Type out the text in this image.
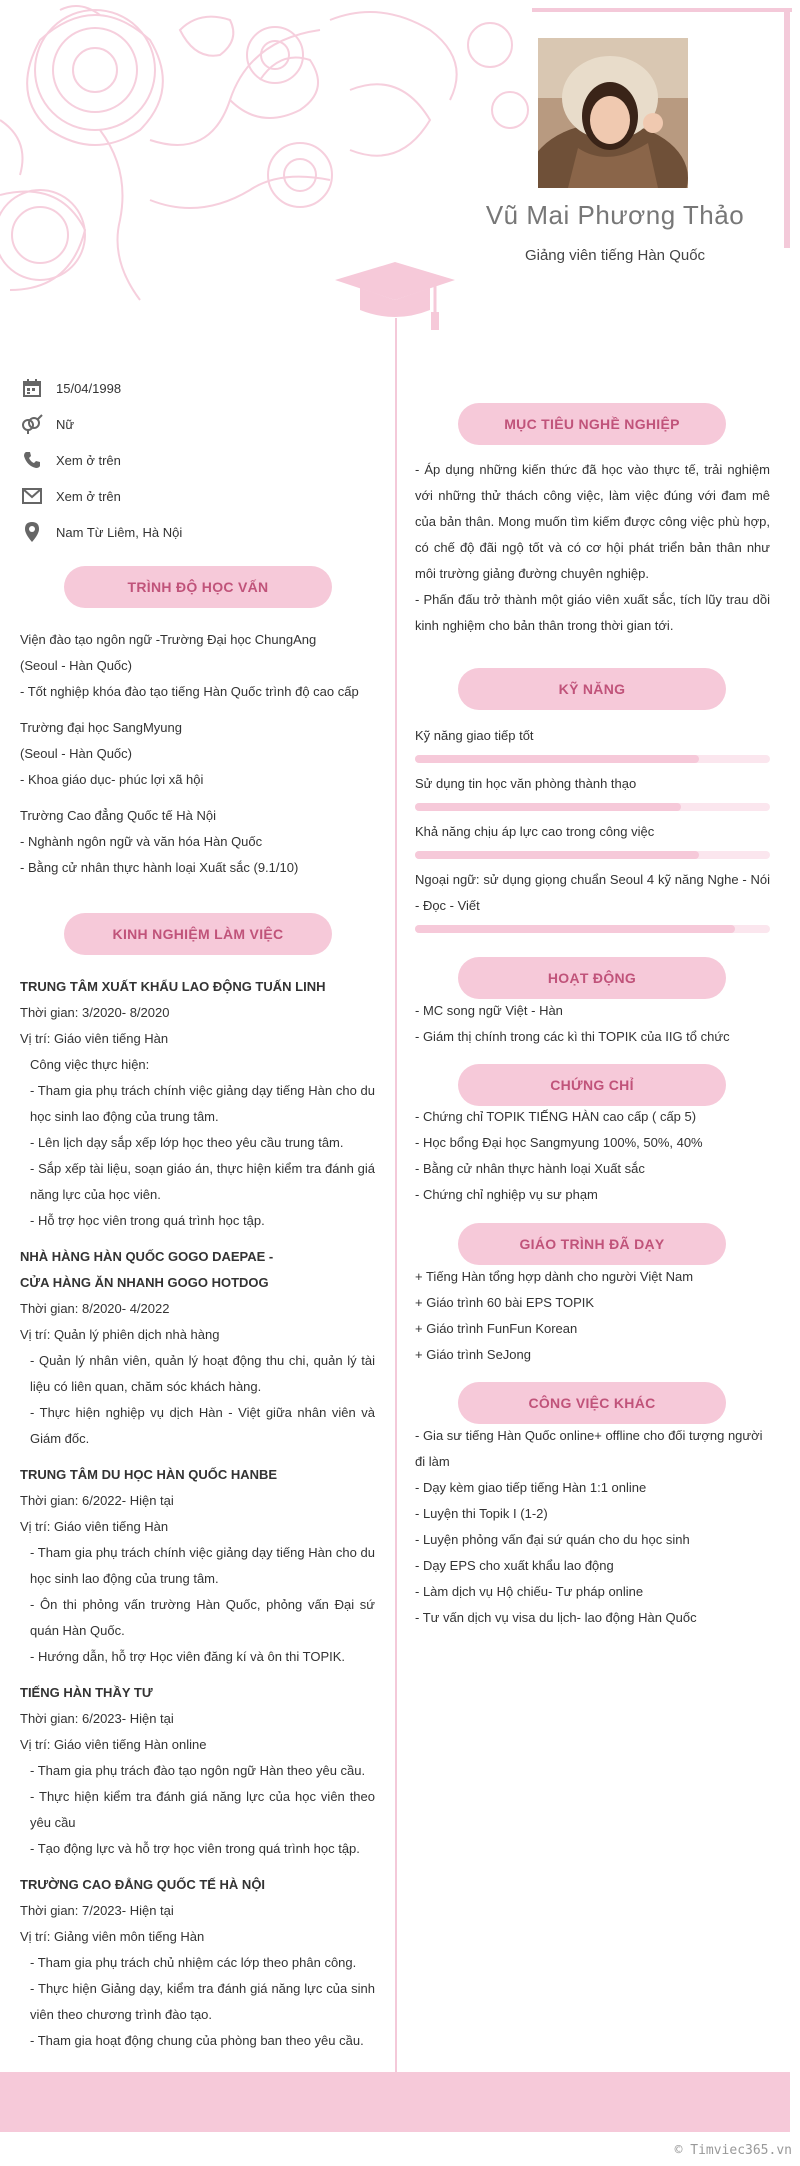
Vũ Mai Phương Thảo
Giảng viên tiếng Hàn Quốc
15/04/1998
Nữ
Xem ở trên
Xem ở trên
Nam Từ Liêm, Hà Nội
TRÌNH ĐỘ HỌC VẤN

Viện đào tạo ngôn ngữ -Trường Đại học ChungAng

(Seoul - Hàn Quốc)

- Tốt nghiệp khóa đào tạo tiếng Hàn Quốc trình độ cao cấp

Trường đại học SangMyung

(Seoul - Hàn Quốc)

- Khoa giáo dục- phúc lợi xã hội

Trường Cao đẳng Quốc tế Hà Nội

- Nghành ngôn ngữ và văn hóa Hàn Quốc

- Bằng cử nhân thực hành loại Xuất sắc (9.1/10)

KINH NGHIỆM LÀM VIỆC

TRUNG TÂM XUẤT KHẨU LAO ĐỘNG TUẤN LINH

Thời gian: 3/2020- 8/2020

Vị trí: Giáo viên tiếng Hàn

Công việc thực hiện:

- Tham gia phụ trách chính việc giảng dạy tiếng Hàn cho du học sinh lao động của trung tâm.

- Lên lịch dạy sắp xếp lớp học theo yêu cầu trung tâm.

- Sắp xếp tài liệu, soạn giáo án, thực hiện kiểm tra đánh giá năng lực của học viên.

- Hỗ trợ học viên trong quá trình học tập.

NHÀ HÀNG HÀN QUỐC GOGO DAEPAE -

CỬA HÀNG ĂN NHANH GOGO HOTDOG

Thời gian: 8/2020- 4/2022

Vị trí: Quản lý phiên dịch nhà hàng

- Quản lý nhân viên, quản lý hoạt động thu chi, quản lý tài liệu có liên quan, chăm sóc khách hàng.

- Thực hiện nghiệp vụ dịch Hàn - Việt giữa nhân viên và Giám đốc.

TRUNG TÂM DU HỌC HÀN QUỐC HANBE

Thời gian: 6/2022- Hiện tại

Vị trí: Giáo viên tiếng Hàn

- Tham gia phụ trách chính việc giảng dạy tiếng Hàn cho du học sinh lao động của trung tâm.

- Ôn thi phỏng vấn trường Hàn Quốc, phỏng vấn Đại sứ quán Hàn Quốc.

- Hướng dẫn, hỗ trợ Học viên đăng kí và ôn thi TOPIK.

TIẾNG HÀN THẦY TƯ

Thời gian: 6/2023- Hiện tại

Vị trí: Giáo viên tiếng Hàn online

- Tham gia phụ trách đào tạo ngôn ngữ Hàn theo yêu cầu.

- Thực hiện kiểm tra đánh giá năng lực của học viên theo yêu cầu

- Tạo động lực và hỗ trợ học viên trong quá trình học tập.

TRƯỜNG CAO ĐẲNG QUỐC TẾ HÀ NỘI

Thời gian: 7/2023- Hiện tại

Vị trí: Giảng viên môn tiếng Hàn

- Tham gia phụ trách chủ nhiệm các lớp theo phân công.

- Thực hiện Giảng dạy, kiểm tra đánh giá năng lực của sinh viên theo chương trình đào tạo.

- Tham gia hoạt động chung của phòng ban theo yêu cầu.

MỤC TIÊU NGHỀ NGHIỆP

- Áp dụng những kiến thức đã học vào thực tế, trải nghiệm với những thử thách công việc, làm việc đúng với đam mê của bản thân. Mong muốn tìm kiếm được công việc phù hợp, có chế độ đãi ngộ tốt và có cơ hội phát triển bản thân như môi trường giảng đường chuyên nghiệp.

- Phấn đấu trở thành một giáo viên xuất sắc, tích lũy trau dồi kinh nghiệm cho bản thân trong thời gian tới.

KỸ NĂNG
Kỹ năng giao tiếp tốt
Sử dụng tin học văn phòng thành thạo
Khả năng chịu áp lực cao trong công việc
Ngoại ngữ: sử dụng giọng chuẩn Seoul 4 kỹ năng Nghe - Nói - Đọc - Viết
HOẠT ĐỘNG

- MC song ngữ Việt - Hàn

- Giám thị chính trong các kì thi TOPIK của IIG tổ chức

CHỨNG CHỈ

- Chứng chỉ TOPIK TIẾNG HÀN cao cấp ( cấp 5)

- Học bổng Đại học Sangmyung 100%, 50%, 40%

- Bằng cử nhân thực hành loại Xuất sắc

- Chứng chỉ nghiệp vụ sư phạm

GIÁO TRÌNH ĐÃ DẠY

+ Tiếng Hàn tổng hợp dành cho người Việt Nam

+ Giáo trình 60 bài EPS TOPIK

+ Giáo trình FunFun Korean

+ Giáo trình SeJong

CÔNG VIỆC KHÁC

- Gia sư tiếng Hàn Quốc online+ offline cho đối tượng người đi làm

- Dạy kèm giao tiếp tiếng Hàn 1:1 online

- Luyện thi Topik I (1-2)

- Luyện phỏng vấn đại sứ quán cho du học sinh

- Dạy EPS cho xuất khẩu lao động

- Làm dịch vụ Hộ chiếu- Tư pháp online

- Tư vấn dịch vụ visa du lịch- lao động Hàn Quốc

© Timviec365.vn
